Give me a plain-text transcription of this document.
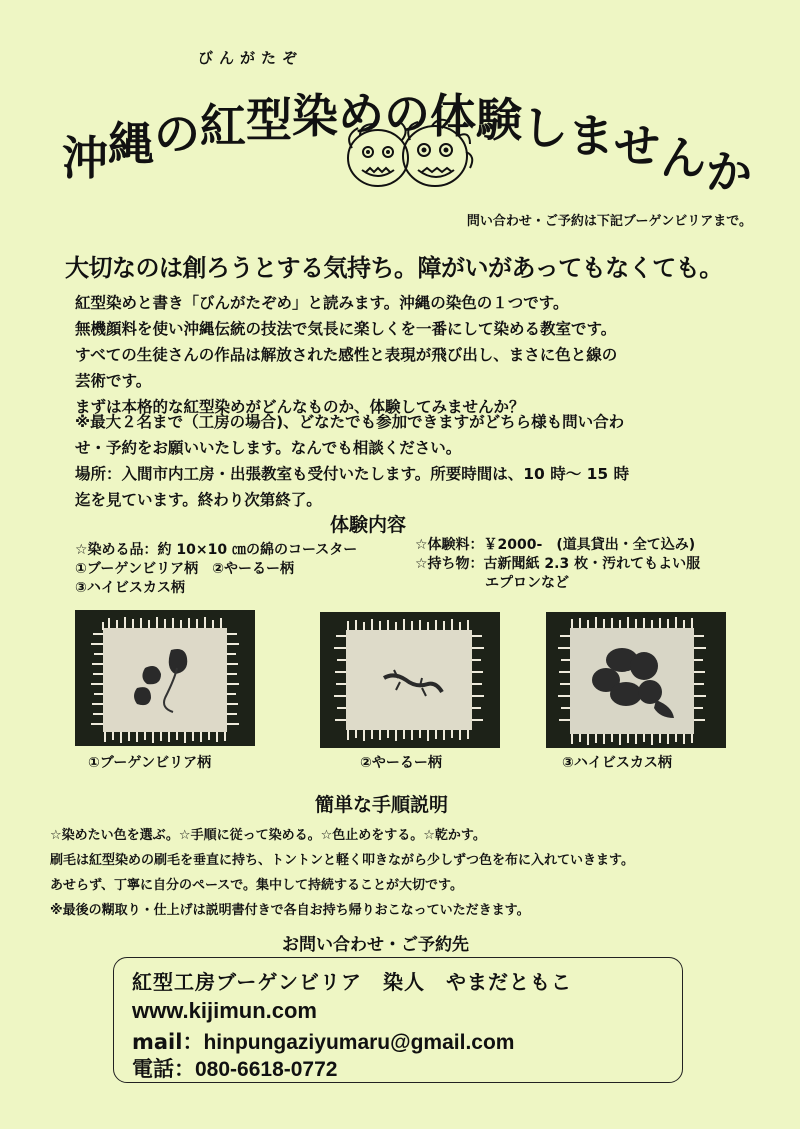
びんがたぞ
沖 縄 の 紅 型 染 め の 体 験 し ま せ ん か
問い合わせ・ご予約は下記ブーゲンビリアまで。
大切なのは創ろうとする気持ち。障がいがあってもなくても。
紅型染めと書き「びんがたぞめ」と読みます。沖縄の染色の１つです。
無機顔料を使い沖縄伝統の技法で気長に楽しくを一番にして染める教室です。
すべての生徒さんの作品は解放された感性と表現が飛び出し、まさに色と線の
芸術です。
まずは本格的な紅型染めがどんなものか、体験してみませんか？
※最大２名まで（工房の場合)、どなたでも参加できますがどちら様も問い合わ
せ・予約をお願いいたします。なんでも相談ください。
場所：入間市内工房・出張教室も受付いたします。所要時間は、10 時～ 15 時
迄を見ています。終わり次第終了。
体験内容
☆染める品：約 10×10 ㎝の綿のコースター
①ブーゲンビリア柄　②やーるー柄
③ハイビスカス柄
☆体験料：￥2000-　(道具貸出・全て込み)
☆持ち物：古新聞紙 2.3 枚・汚れてもよい服
　　　　　エプロンなど
①ブーゲンビリア柄	②やーるー柄	③ハイビスカス柄
簡単な手順説明
☆染めたい色を選ぶ。☆手順に従って染める。☆色止めをする。☆乾かす。
刷毛は紅型染めの刷毛を垂直に持ち、トントンと軽く叩きながら少しずつ色を布に入れていきます。
あせらず、丁寧に自分のペースで。集中して持続することが大切です。
※最後の糊取り・仕上げは説明書付きで各自お持ち帰りおこなっていただきます。
お問い合わせ・ご予約先
紅型工房ブーゲンビリア　染人　やまだともこ
www.kijimun.com
mail：hinpungaziyumaru@gmail.com
電話：080-6618-0772
